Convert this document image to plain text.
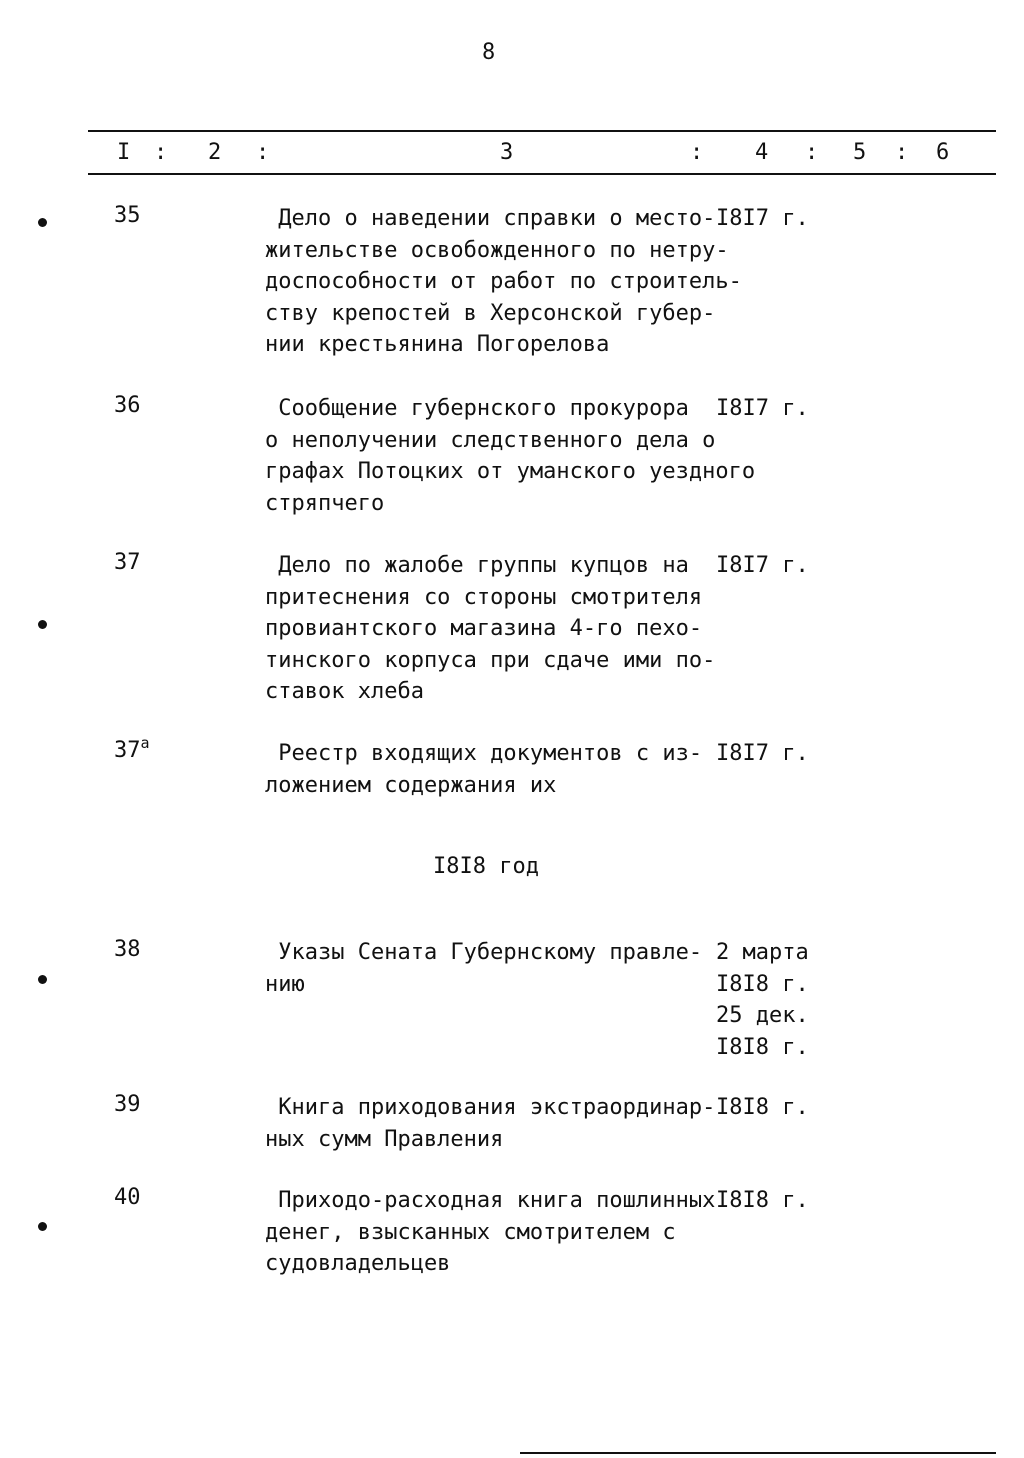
8
I : 2 :	3	: 4 : 5 : 6
35	Дело о наведении справки о место-
жительстве освобожденного по нетру-
доспособности от работ по строитель-
ству крепостей в Херсонской губер-
нии крестьянина Погорелова
I8I7 г.
36	Сообщение губернского прокурора
о неполучении следственного дела о
графах Потоцких от уманского уездного
стряпчего
I8I7 г.
37	Дело по жалобе группы купцов на
притеснения со стороны смотрителя
провиантского магазина 4-го пехо-
тинского корпуса при сдаче ими по-
ставок хлеба
I8I7 г.
$37^а$	Реестр входящих документов с из-
ложением содержания их
I8I7 г.
I8I8 год
38	Указы Сената Губернскому правле-
нию
2 марта
I8I8 г.
25 дек.
I8I8 г.
39	Книга приходования экстраординар-
ных сумм Правления
I8I8 г.
40	Приходо-расходная книга пошлинных
денег, взысканных смотрителем с
судовладельцев
I8I8 г.
